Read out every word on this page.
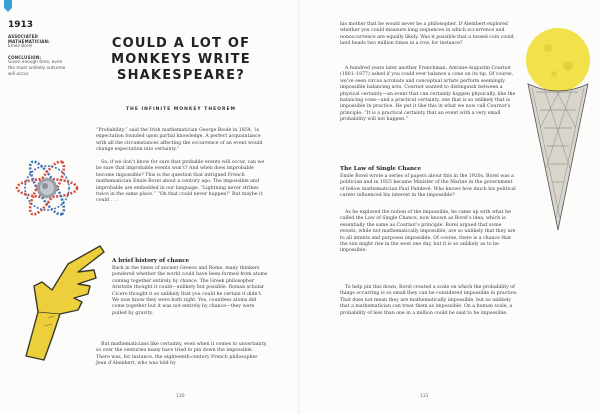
1913
ASSOCIATED MATHEMATICIAN:
Emile Borel
CONCLUSION:
Given enough time, even the most unlikely outcome will occur.
COULD A LOT OF MONKEYS WRITE SHAKESPEARE?
THE INFINITE MONKEY THEOREM

“Probability,” said the Irish mathematician George Boole in 1854, ‘is expectation founded upon partial knowledge. A perfect acquaintance with all the circumstances affecting the occurrence of an event would change expectation into certainty.”

So, if we don’t know for sure that probable events will occur, can we be sure that improbable events won’t? And when does improbable become impossible? This is the question that intrigued French mathematician Emile Borel about a century ago. The impossible and improbable are embedded in our language. “Lightning never strikes twice in the same place.” “Oh that could never happen!” But maybe it could . . .

A brief history of chance

Back in the times of ancient Greece and Rome, many thinkers pondered whether the world could have been formed from atoms coming together entirely by chance. The Greek philosopher Aristotle thought it could—unlikely but possible. Roman scholar Cicero thought it so unlikely that you could be certain it didn’t. We now know they were both right. Yes, countless atoms did come together but it was not entirely by chance—they were pulled by gravity.

But mathematicians like certainty, even when it comes to uncertainty, so over the centuries many have tried to pin down the impossible. There was, for instance, the eighteenth-century French philosopher Jean d’Alembert, who was told by

130

his mother that he would never be a philosopher. D’Alembert explored whether you could measure long sequences in which occurrence and nonoccurrence are equally likely. Was it possible that a tossed coin could land heads two million times in a row, for instance?

A hundred years later another Frenchman, Antoine-Augustin Cournot (1801–1877) asked if you could ever balance a cone on its tip. Of course, we’ve seen circus acrobats and conceptual artists perform seemingly impossible balancing acts. Cournot wanted to distinguish between a physical certainty—an event that can certainly happen physically, like the balancing cone—and a practical certainty, one that is so unlikely that is impossible in practice. He put it like this in what we now call Cournot’s principle: “It is a practical certainty that an event with a very small probability will not happen.”

The Law of Single Chance

Emile Borel wrote a series of papers about this in the 1920s. Borel was a politician and in 1925 became Minister of the Marine in the government of fellow mathematician Paul Painlevé. Who knows how much his political career influenced his interest in the impossible?

As he explored the notion of the impossible, he came up with what he called the Law of Single Chance, now known as Borel’s idea, which is essentially the same as Cournot’s principle. Borel argued that some events, while not mathematically impossible, are so unlikely that they are to all intents and purposes impossible. Of course, there is a chance that the sun might rise in the west one day, but it is so unlikely as to be impossible.

To help pin this down, Borel created a scale on which the probability of things occurring is so small they can be considered impossible in practice. That does not mean they are mathematically impossible, but so unlikely that a mathematician can treat them as impossible. On a human scale, a probability of less than one in a million could be said to be impossible.

131
